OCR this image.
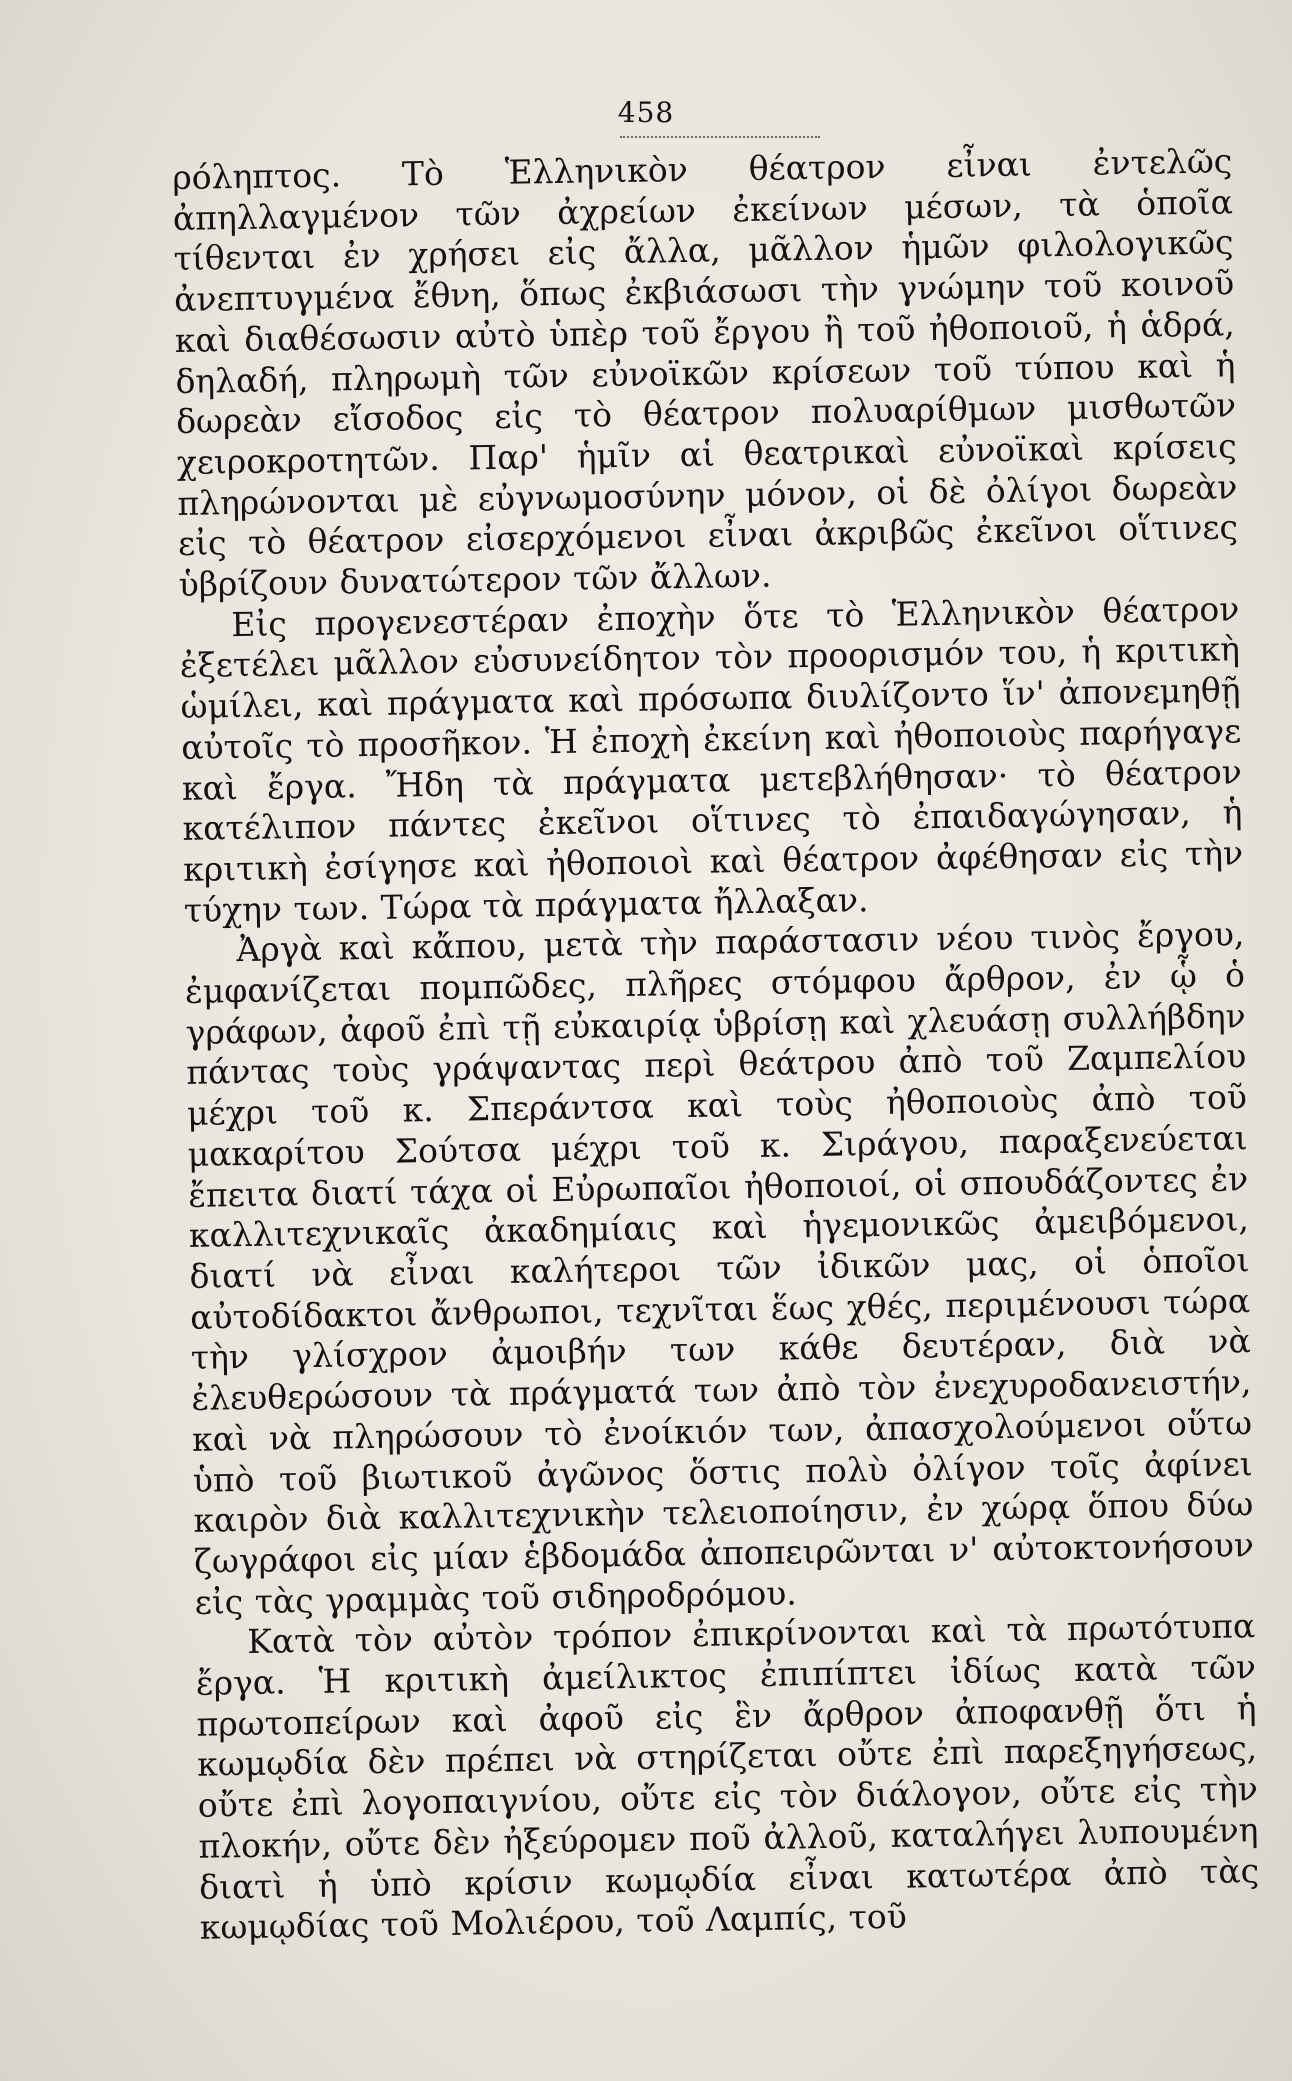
458

ρόληπτος. Τὸ Ἑλληνικὸν θέατρον εἶναι ἐντελῶς ἀπηλλαγμένον τῶν ἀχρείων ἐκείνων μέσων, τὰ ὁποῖα τίθενται ἐν χρήσει εἰς ἄλλα, μᾶλλον ἡμῶν φιλολογικῶς ἀνεπτυγμένα ἔθνη, ὅπως ἐκβιάσωσι τὴν γνώμην τοῦ κοινοῦ καὶ διαθέσωσιν αὐτὸ ὑπὲρ τοῦ ἔργου ἢ τοῦ ἠθοποιοῦ, ἡ ἁδρά, δηλαδή, πληρωμὴ τῶν εὐνοϊκῶν κρίσεων τοῦ τύπου καὶ ἡ δωρεὰν εἴσοδος εἰς τὸ θέατρον πολυαρίθμων μισθωτῶν χειροκροτητῶν. Παρ' ἡμῖν αἱ θεατρικαὶ εὐνοϊκαὶ κρίσεις πληρώνονται μὲ εὐγνωμοσύνην μόνον, οἱ δὲ ὀλίγοι δωρεὰν εἰς τὸ θέατρον εἰσερχόμενοι εἶναι ἀκριβῶς ἐκεῖνοι οἵτινες ὑβρίζουν δυνατώτερον τῶν ἄλλων.

Εἰς προγενεστέραν ἐποχὴν ὅτε τὸ Ἑλληνικὸν θέατρον ἐξετέλει μᾶλλον εὐσυνείδητον τὸν προορισμόν του, ἡ κριτικὴ ὡμίλει, καὶ πράγματα καὶ πρόσωπα διυλίζοντο ἵν' ἀπονεμηθῇ αὐτοῖς τὸ προσῆκον. Ἡ ἐποχὴ ἐκείνη καὶ ἠθοποιοὺς παρήγαγε καὶ ἔργα. Ἤδη τὰ πράγματα μετεβλήθησαν· τὸ θέατρον κατέλιπον πάντες ἐκεῖνοι οἵτινες τὸ ἐπαιδαγώγησαν, ἡ κριτικὴ ἐσίγησε καὶ ἠθοποιοὶ καὶ θέατρον ἀφέθησαν εἰς τὴν τύχην των. Τώρα τὰ πράγματα ἤλλαξαν.

Ἀργὰ καὶ κἄπου, μετὰ τὴν παράστασιν νέου τινὸς ἔργου, ἐμφανίζεται πομπῶδες, πλῆρες στόμφου ἄρθρον, ἐν ᾧ ὁ γράφων, ἀφοῦ ἐπὶ τῇ εὐκαιρίᾳ ὑβρίσῃ καὶ χλευάσῃ συλλήβδην πάντας τοὺς γράψαντας περὶ θεάτρου ἀπὸ τοῦ Ζαμπελίου μέχρι τοῦ κ. Σπεράντσα καὶ τοὺς ἠθοποιοὺς ἀπὸ τοῦ μακαρίτου Σούτσα μέχρι τοῦ κ. Σιράγου, παραξενεύεται ἔπειτα διατί τάχα οἱ Εὐρωπαῖοι ἠθοποιοί, οἱ σπουδάζοντες ἐν καλλιτεχνικαῖς ἀκαδημίαις καὶ ἡγεμονικῶς ἀμειβόμενοι, διατί νὰ εἶναι καλήτεροι τῶν ἰδικῶν μας, οἱ ὁποῖοι αὐτοδίδακτοι ἄνθρωποι, τεχνῖται ἕως χθές, περιμένουσι τώρα τὴν γλίσχρον ἀμοιβήν των κάθε δευτέραν, διὰ νὰ ἐλευθερώσουν τὰ πράγματά των ἀπὸ τὸν ἐνεχυροδανειστήν, καὶ νὰ πληρώσουν τὸ ἐνοίκιόν των, ἀπασχολούμενοι οὕτω ὑπὸ τοῦ βιωτικοῦ ἀγῶνος ὅστις πολὺ ὀλίγον τοῖς ἀφίνει καιρὸν διὰ καλλιτεχνικὴν τελειοποίησιν, ἐν χώρᾳ ὅπου δύω ζωγράφοι εἰς μίαν ἑβδομάδα ἀποπειρῶνται ν' αὐτοκτονήσουν εἰς τὰς γραμμὰς τοῦ σιδηροδρόμου.

Κατὰ τὸν αὐτὸν τρόπον ἐπικρίνονται καὶ τὰ πρωτότυπα ἔργα. Ἡ κριτικὴ ἀμείλικτος ἐπιπίπτει ἰδίως κατὰ τῶν πρωτοπείρων καὶ ἀφοῦ εἰς ἓν ἄρθρον ἀποφανθῇ ὅτι ἡ κωμῳδία δὲν πρέπει νὰ στηρίζεται οὔτε ἐπὶ παρεξηγήσεως, οὔτε ἐπὶ λογοπαιγνίου, οὔτε εἰς τὸν διάλογον, οὔτε εἰς τὴν πλοκήν, οὔτε δὲν ἠξεύρομεν ποῦ ἀλλοῦ, καταλήγει λυπουμένη διατὶ ἡ ὑπὸ κρίσιν κωμῳδία εἶναι κατωτέρα ἀπὸ τὰς κωμῳδίας τοῦ Μολιέρου, τοῦ Λαμπίς, τοῦ
